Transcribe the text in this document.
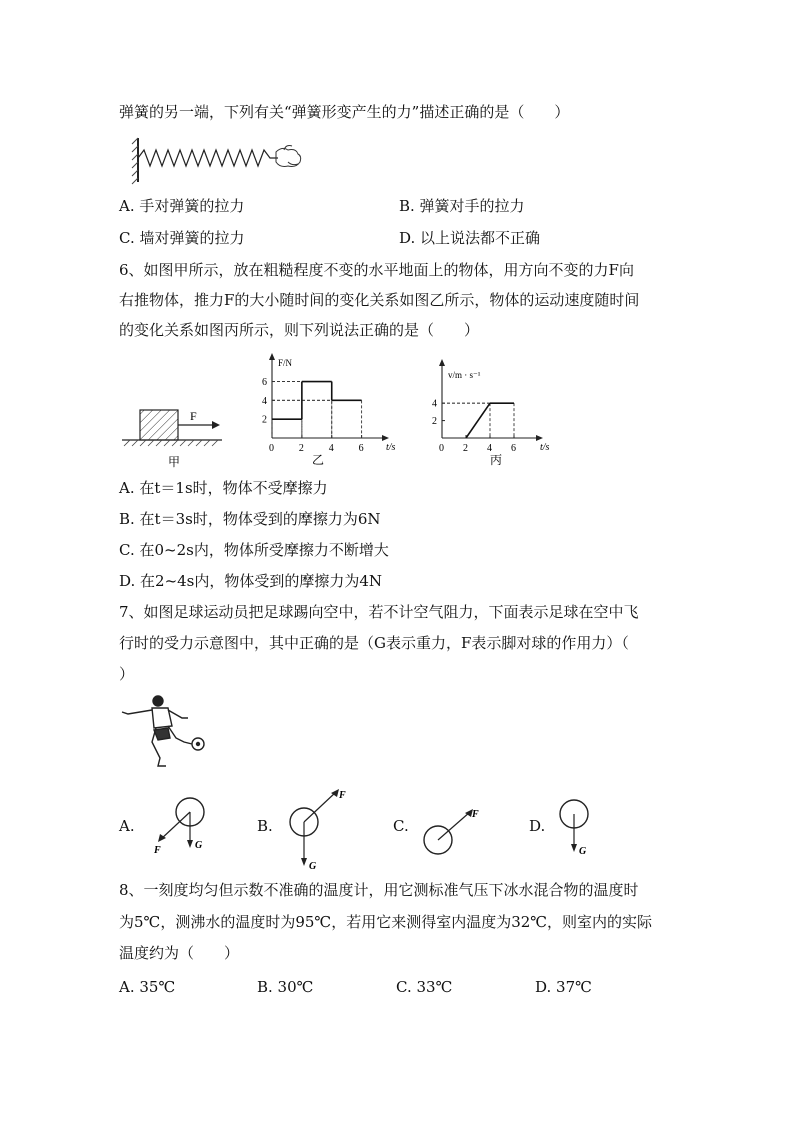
弹簧的另一端，下列有关“弹簧形变产生的力”描述正确的是（　　）
A. 手对弹簧的拉力	B. 弹簧对手的拉力
C. 墙对弹簧的拉力	D. 以上说法都不正确
6、如图甲所示，放在粗糙程度不变的水平地面上的物体，用方向不变的力F向
右推物体，推力F的大小随时间的变化关系如图乙所示，物体的运动速度随时间
的变化关系如图丙所示，则下列说法正确的是（　　）
F
甲
0 2 4 6
2
4
6
t/s
F/N
乙
0 2 4 6
2
4
t/s
v/m · s⁻¹
丙
A. 在t＝1s时，物体不受摩擦力
B. 在t＝3s时，物体受到的摩擦力为6N
C. 在0~2s内，物体所受摩擦力不断增大
D. 在2~4s内，物体受到的摩擦力为4N
7、如图足球运动员把足球踢向空中，若不计空气阻力，下面表示足球在空中飞
行时的受力示意图中，其中正确的是（G表示重力，F表示脚对球的作用力）（
）
A.
F	G
B.
F
G
C.
F
D.
G
8、一刻度均匀但示数不准确的温度计，用它测标准气压下冰水混合物的温度时
为5℃，测沸水的温度时为95℃，若用它来测得室内温度为32℃，则室内的实际
温度约为（　　）
A. 35℃	B. 30℃	C. 33℃	D. 37℃
